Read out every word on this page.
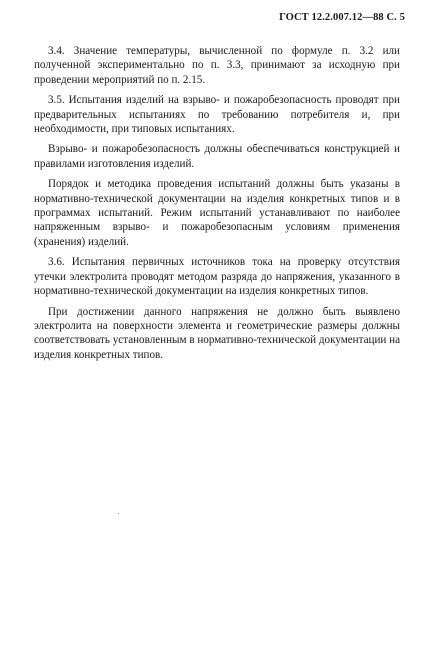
ГОСТ 12.2.007.12—88 С. 5

3.4. Значение температуры, вычисленной по формуле п. 3.2 или полученной экспериментально по п. 3.3, принимают за исходную при проведении мероприятий по п. 2.15.

3.5. Испытания изделий на взрыво- и пожаробезопасность проводят при предварительных испытаниях по требованию потребителя и, при необходимости, при типовых испытаниях.

Взрыво- и пожаробезопасность должны обеспечиваться конструкцией и правилами изготовления изделий.

Порядок и методика проведения испытаний должны быть указаны в нормативно-технической документации на изделия конкретных типов и в программах испытаний. Режим испытаний устанавливают по наиболее напряженным взрыво- и пожаробезопасным условиям применения (хранения) изделий.

3.6. Испытания первичных источников тока на проверку отсутствия утечки электролита проводят методом разряда до напряжения, указанного в нормативно-технической документации на изделия конкретных типов.

При достижении данного напряжения не должно быть выявлено электролита на поверхности элемента и геометрические размеры должны соответствовать установленным в нормативно-технической документации на изделия конкретных типов.
